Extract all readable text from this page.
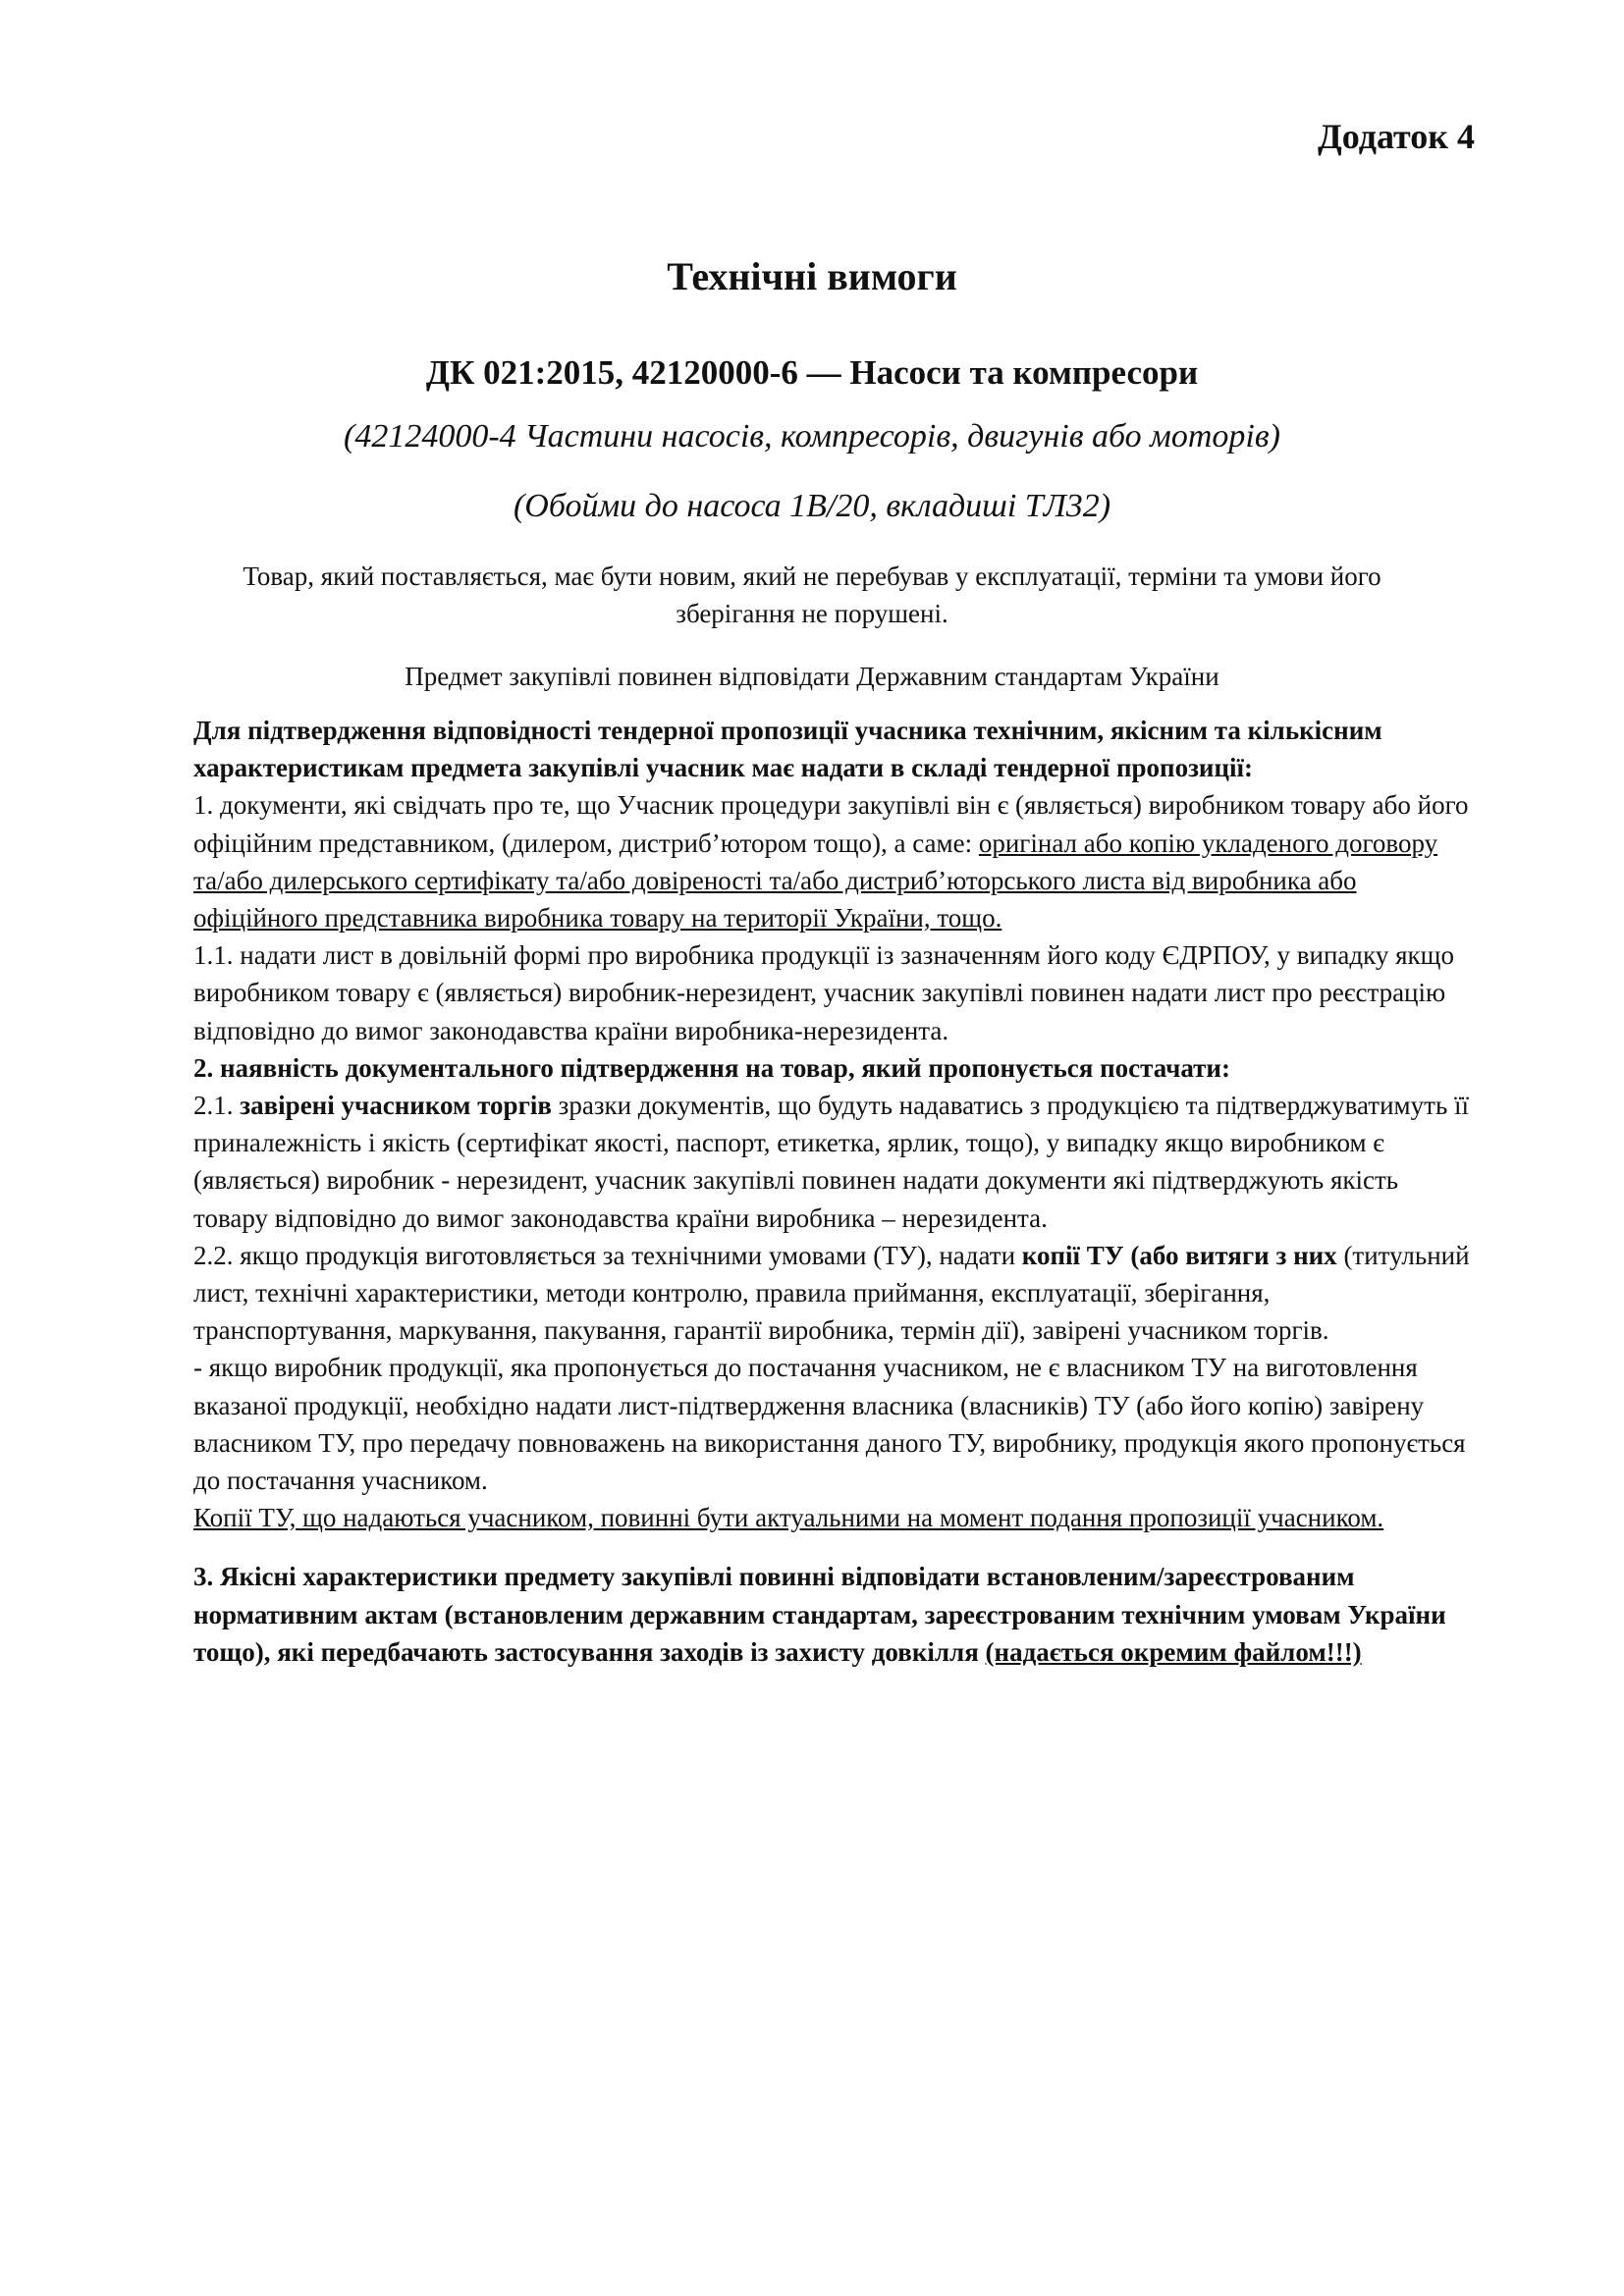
Додаток 4
Технічні вимоги
ДК 021:2015, 42120000-6 — Насоси та компресори
(42124000-4 Частини насосів, компресорів, двигунів або моторів)
(Обойми до насоса 1В/20, вкладиші ТЛ32)
Товар, який поставляється, має бути новим, який не перебував у експлуатації, терміни та умови його зберігання не порушені.
Предмет закупівлі повинен відповідати Державним стандартам України

Для підтвердження відповідності тендерної пропозиції учасника технічним, якісним та кількісним характеристикам предмета закупівлі учасник має надати в складі тендерної пропозиції:

1. документи, які свідчать про те, що Учасник процедури закупівлі він є (являється) виробником товару або його офіційним представником, (дилером, дистриб’ютором тощо), а саме: оригінал або копію укладеного договору та/або дилерського сертифікату та/або довіреності та/або дистриб’юторського листа від виробника або офіційного представника виробника товару на території України, тощо.

1.1. надати лист в довільній формі про виробника продукції із зазначенням його коду ЄДРПОУ, у випадку якщо виробником товару є (являється) виробник-нерезидент, учасник закупівлі повинен надати лист про реєстрацію відповідно до вимог законодавства країни виробника-нерезидента.

2. наявність документального підтвердження на товар, який пропонується постачати:

2.1. завірені учасником торгів зразки документів, що будуть надаватись з продукцією та підтверджуватимуть її приналежність і якість (сертифікат якості, паспорт, етикетка, ярлик, тощо), у випадку якщо виробником є (являється) виробник - нерезидент, учасник закупівлі повинен надати документи які підтверджують якість товару відповідно до вимог законодавства країни виробника – нерезидента.

2.2. якщо продукція виготовляється за технічними умовами (ТУ), надати копії ТУ (або витяги з них (титульний лист, технічні характеристики, методи контролю, правила приймання, експлуатації, зберігання, транспортування, маркування, пакування, гарантії виробника, термін дії), завірені учасником торгів.

- якщо виробник продукції, яка пропонується до постачання учасником, не є власником ТУ на виготовлення вказаної продукції, необхідно надати лист-підтвердження власника (власників) ТУ (або його копію) завірену власником ТУ, про передачу повноважень на використання даного ТУ, виробнику, продукція якого пропонується до постачання учасником.

Копії ТУ, що надаються учасником, повинні бути актуальними на момент подання пропозиції учасником.

3. Якісні характеристики предмету закупівлі повинні відповідати встановленим/зареєстрованим нормативним актам (встановленим державним стандартам, зареєстрованим технічним умовам України тощо), які передбачають застосування заходів із захисту довкілля (надається окремим файлом!!!)
